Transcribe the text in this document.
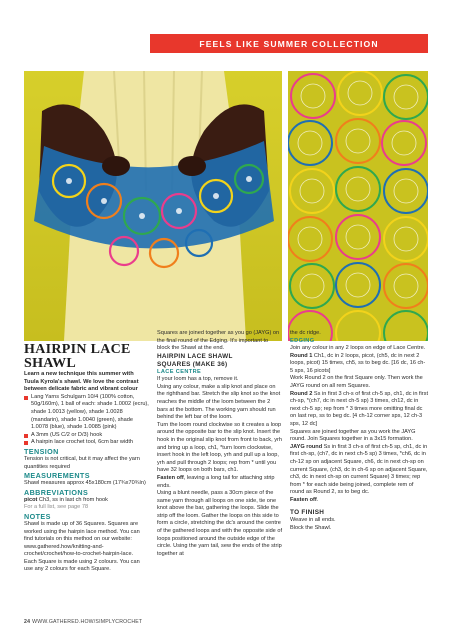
FEELS LIKE SUMMER COLLECTION

HAIRPIN LACE SHAWL

Learn a new technique this summer with Tuula Kyrola's shawl. We love the contrast between delicate fabric and vibrant colour

Lang Yarns Schulgarn 10/4 (100% cotton, 50g/160m), 1 ball of each: shade 1.0002 (ecru), shade 1.0013 (yellow), shade 1.0028 (mandarin), shade 1.0040 (green), shade 1.0078 (blue), shade 1.0085 (pink)
A 3mm (US C/2 or D/3) hook
A hairpin lace crochet tool, 6cm bar width

TENSION

Tension is not critical, but it may affect the yarn quantities required

MEASUREMENTS

Shawl measures approx 45x180cm (17¾x70¾ín)

ABBREVIATIONS

picot Ch3, ss in last ch from hook

For a full list, see page 78

NOTES

Shawl is made up of 36 Squares. Squares are worked using the hairpin lace method. You can find tutorials on this method on our website: www.gathered.how/knitting-and-crochet/crochet/how-to-crochet-hairpin-lace.

Each Square is made using 2 colours. You can use any 2 colours for each Square.

Squares are joined together as you go (JAYG) on the final round of the Edging. It's important to block the Shawl at the end.

HAIRPIN LACE SHAWL

SQUARES (MAKE 36)

LACE CENTRE

If your loom has a top, remove it.

Using any colour, make a slip knot and place on the righthand bar. Stretch the slip knot so the knot reaches the middle of the loom between the 2 bars at the bottom. The working yarn should run behind the left bar of the loom.

Turn the loom round clockwise so it creates a loop around the opposite bar to the slip knot. Insert the hook in the original slip knot from front to back, yrh and bring up a loop, ch1, *turn loom clockwise, insert hook in the left loop, yrh and pull up a loop, yrh and pull through 2 loops; rep from * until you have 32 loops on both bars, ch1.

Fasten off, leaving a long tail for attaching strip ends.

Using a blunt needle, pass a 30cm piece of the same yarn through all loops on one side, tie one knot above the bar, gathering the loops. Slide the strip off the loom. Gather the loops on this side to form a circle, stretching the dc's around the centre of the gathered loops and with the opposite side of loops positioned around the outside edge of the circle. Using the yarn tail, sew the ends of the strip together at

the dc ridge.

EDGING

Join any colour in any 2 loops on edge of Lace Centre.

Round 1 Ch1, dc in 2 loops, picot, (ch5, dc in next 2 loops, picot) 15 times, ch5, ss to beg dc. [16 dc, 16 ch-5 sps, 16 picots]

Work Round 2 on the first Square only. Then work the JAYG round on all rem Squares.

Round 2 Ss in first 3 ch-s of first ch-5 sp, ch1, dc in first ch-sp, *(ch7, dc in next ch-5 sp) 3 times, ch12, dc in next ch-5 sp; rep from * 3 times more omitting final dc on last rep, ss to beg dc. [4 ch-12 corner sps, 12 ch-3 sps, 12 dc]

Squares are joined together as you work the JAYG round. Join Squares together in a 3x15 formation.

JAYG round Ss in first 3 ch-s of first ch-5 sp, ch1, dc in first ch-sp, (ch7, dc in next ch-5 sp) 3 times, *ch6, dc in ch-12 sp on adjacent Square, ch6, dc in next ch-sp on current Square, (ch3, dc in ch-6 sp on adjacent Square, ch3, dc in next ch-sp on current Square) 3 times; rep from * for each side being joined, complete rem of round as Round 2, ss to beg dc.

Fasten off.

TO FINISH

Weave in all ends.

Block the Shawl.

24 WWW.GATHERED.HOW/SIMPLYCROCHET
